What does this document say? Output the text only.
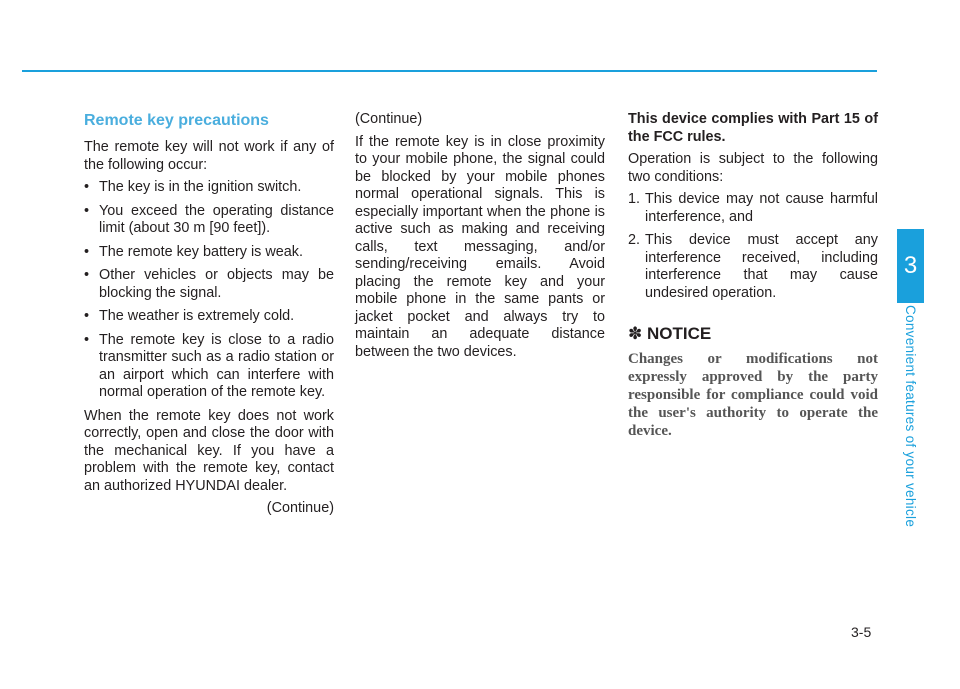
Remote key precautions

The remote key will not work if any of the following occur:

• The key is in the ignition switch.
• You exceed the operating distance limit (about 30 m [90 feet]).
• The remote key battery is weak.
• Other vehicles or objects may be blocking the signal.
• The weather is extremely cold.
• The remote key is close to a radio transmitter such as a radio station or an airport which can interfere with normal operation of the remote key.

When the remote key does not work correctly, open and close the door with the mechanical key. If you have a problem with the remote key, contact an authorized HYUNDAI dealer.

(Continue)

(Continue)

If the remote key is in close proximity to your mobile phone, the signal could be blocked by your mobile phones normal operational signals. This is especially important when the phone is active such as making and receiving calls, text messaging, and/or sending/receiving emails. Avoid placing the remote key and your mobile phone in the same pants or jacket pocket and always try to maintain an adequate distance between the two devices.

This device complies with Part 15 of the FCC rules.

Operation is subject to the following two conditions:

1. This device may not cause harmful interference, and
2. This device must accept any interference received, including interference that may cause undesired operation.
✽ NOTICE

Changes or modifications not expressly approved by the party responsible for compliance could void the user's authority to operate the device.

3
Convenient features of your vehicle
3-5
